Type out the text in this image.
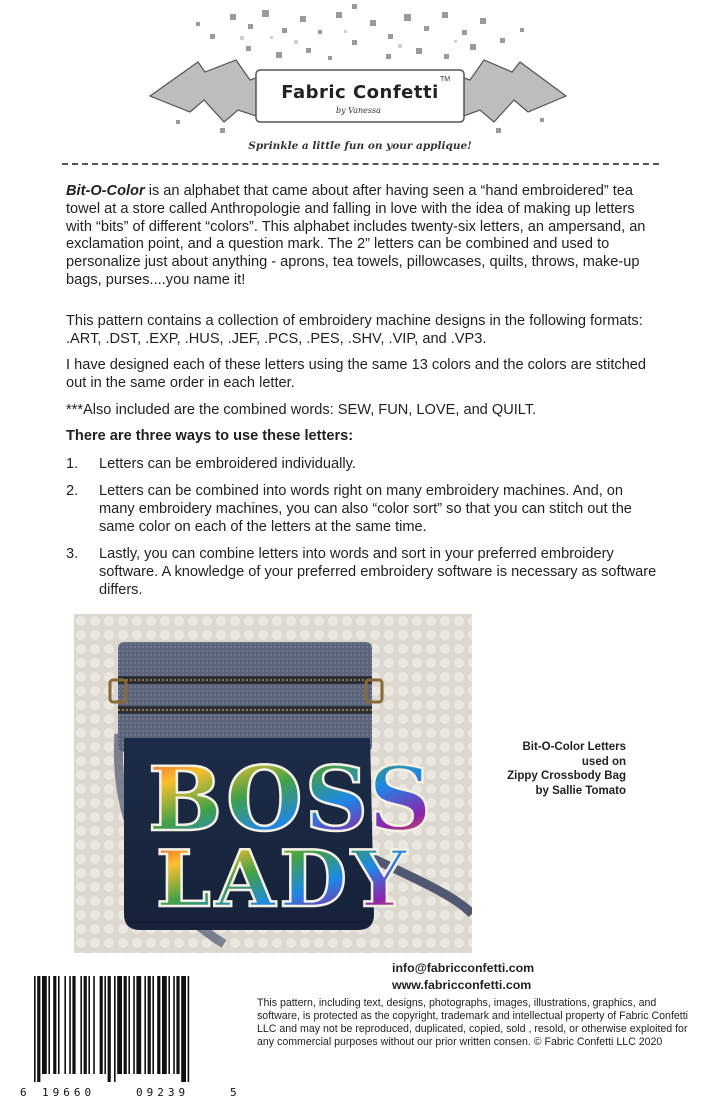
Fabric Confetti
TM
by Vanessa
Sprinkle a little fun on your applique!
Bit-O-Color is an alphabet that came about after having seen a “hand embroidered” tea towel at a store called Anthropologie and falling in love with the idea of making up letters with “bits” of different “colors”. This alphabet includes twenty-six letters, an ampersand, an exclamation point, and a question mark. The 2” letters can be combined and used to personalize just about anything - aprons, tea towels, pillowcases, quilts, throws, make-up bags, purses....you name it!
This pattern contains a collection of embroidery machine designs in the following formats: .ART, .DST, .EXP, .HUS, .JEF, .PCS, .PES, .SHV, .VIP, and .VP3.
I have designed each of these letters using the same 13 colors and the colors are stitched out in the same order in each letter.
***Also included are the combined words: SEW, FUN, LOVE, and QUILT.
There are three ways to use these letters:
1. Letters can be embroidered individually.
2. Letters can be combined into words right on many embroidery machines. And, on many embroidery machines, you can also “color sort” so that you can stitch out the same color on each of the letters at the same time.
3. Lastly, you can combine letters into words and sort in your preferred embroidery software. A knowledge of your preferred embroidery software is necessary as software differs.
BOSS
LADY
Bit-O-Color Letters
used on
Zippy Crossbody Bag
by Sallie Tomato
info@fabricconfetti.com
www.fabricconfetti.com
6 19660	09239	5
This pattern, including text, designs, photographs, images, illustrations, graphics, and software, is protected as the copyright, trademark and intellectual property of Fabric Confetti LLC and may not be reproduced, duplicated, copied, sold , resold, or otherwise exploited for any commercial purposes without our prior written consen. © Fabric Confetti LLC 2020
